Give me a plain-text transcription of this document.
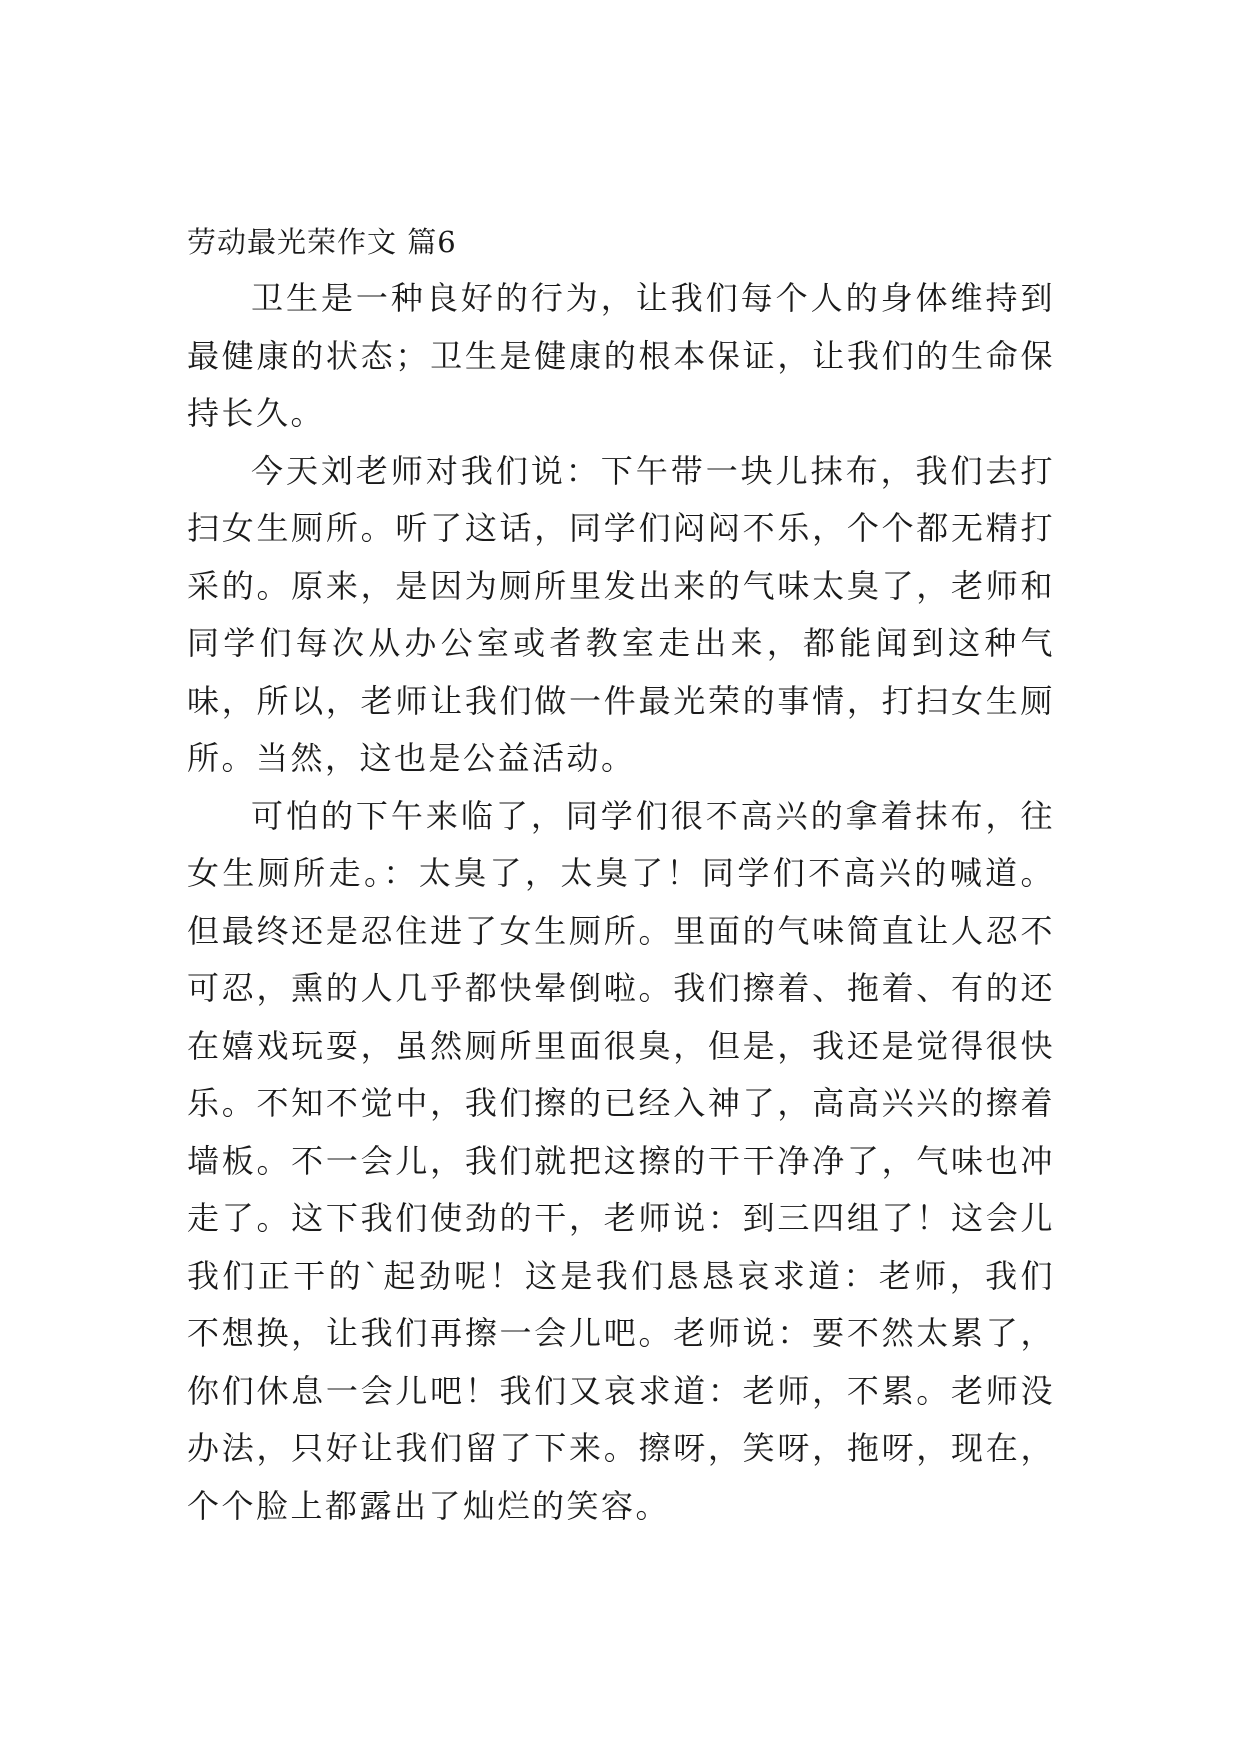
劳动最光荣作文 篇6

卫生是一种良好的行为，让我们每个人的身体维持到最健康的状态；卫生是健康的根本保证，让我们的生命保持长久。

今天刘老师对我们说：下午带一块儿抹布，我们去打扫女生厕所。听了这话，同学们闷闷不乐，个个都无精打采的。原来，是因为厕所里发出来的气味太臭了，老师和同学们每次从办公室或者教室走出来，都能闻到这种气味，所以，老师让我们做一件最光荣的事情，打扫女生厕所。当然，这也是公益活动。

可怕的下午来临了，同学们很不高兴的拿着抹布，往女生厕所走。：太臭了，太臭了！同学们不高兴的喊道。但最终还是忍住进了女生厕所。里面的气味简直让人忍不可忍，熏的人几乎都快晕倒啦。我们擦着、拖着、有的还在嬉戏玩耍，虽然厕所里面很臭，但是，我还是觉得很快乐。不知不觉中，我们擦的已经入神了，高高兴兴的擦着墙板。不一会儿，我们就把这擦的干干净净了，气味也冲走了。这下我们使劲的干，老师说：到三四组了！这会儿我们正干的`起劲呢！这是我们恳恳哀求道：老师，我们不想换，让我们再擦一会儿吧。老师说：要不然太累了，你们休息一会儿吧！我们又哀求道：老师，不累。老师没办法，只好让我们留了下来。擦呀，笑呀，拖呀，现在，个个脸上都露出了灿烂的笑容。
